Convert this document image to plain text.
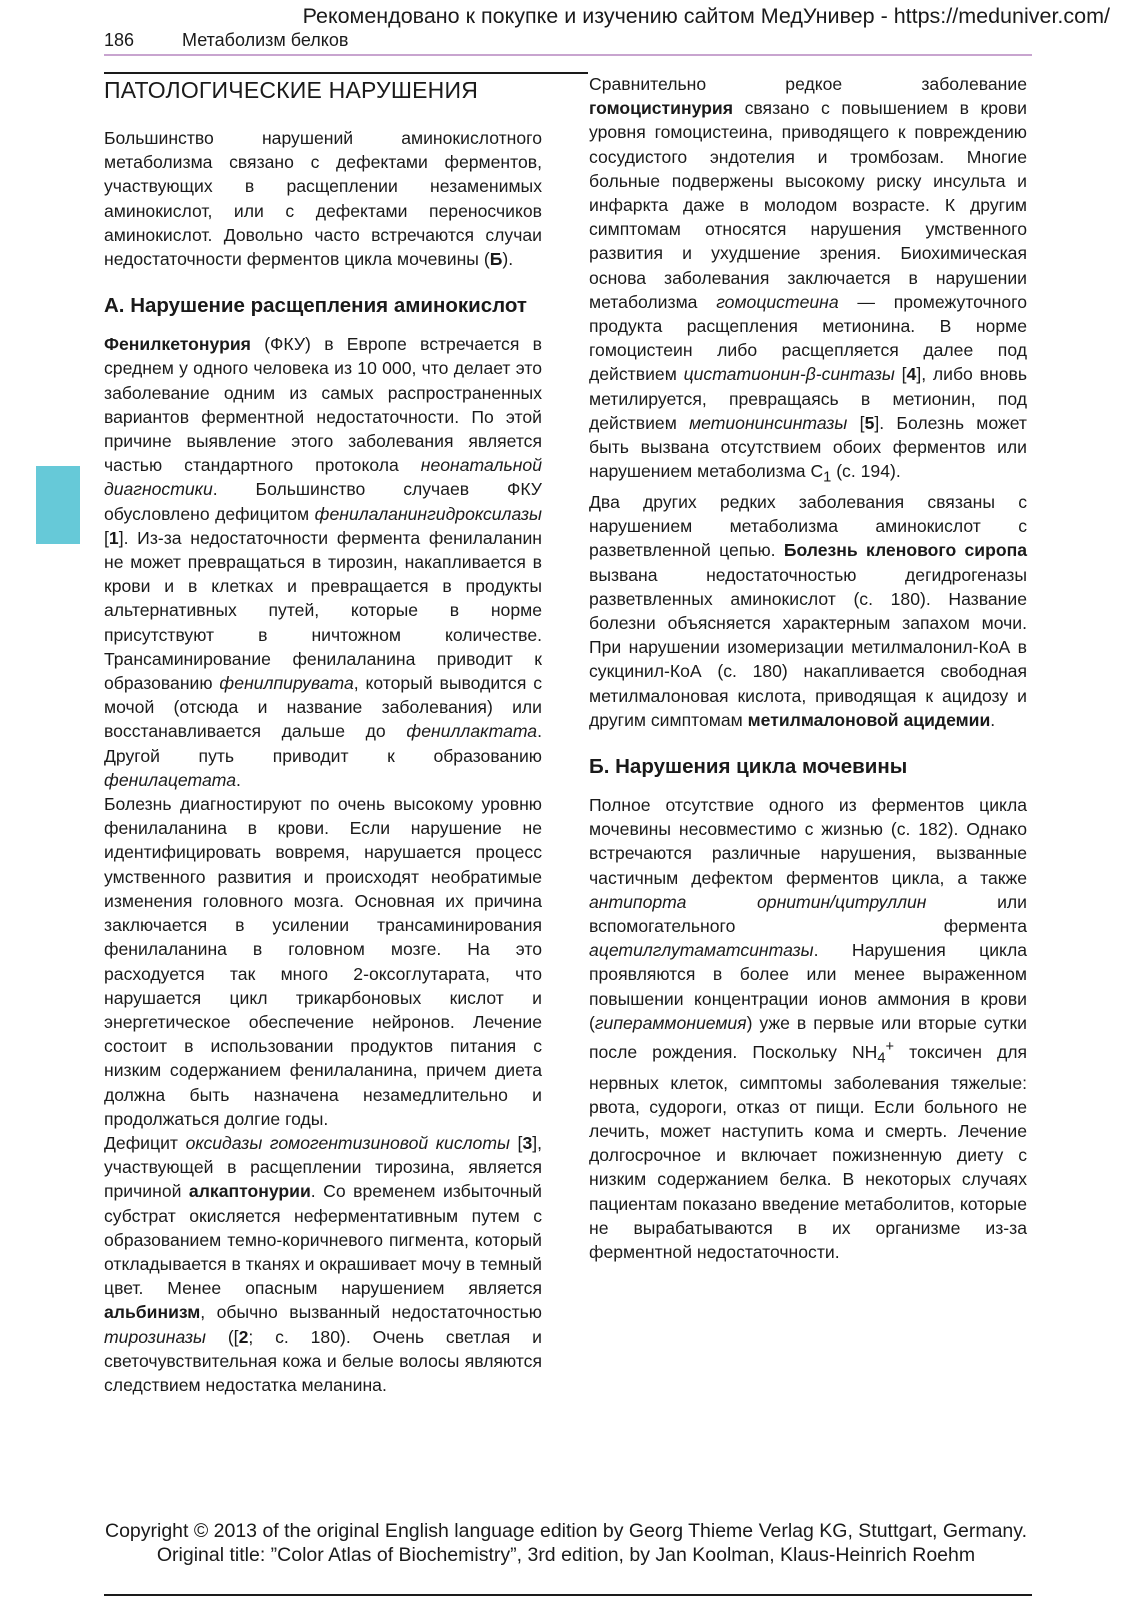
Рекомендовано к покупке и изучению сайтом МедУнивер - https://meduniver.com/
186	Метаболизм белков
ПАТОЛОГИЧЕСКИЕ НАРУШЕНИЯ

Большинство нарушений аминокислотного метаболизма связано с дефектами ферментов, участвующих в расщеплении незаменимых аминокислот, или с дефектами переносчиков аминокислот. Довольно часто встречаются случаи недостаточности ферментов цикла мочевины (Б).

А. Нарушение расщепления аминокислот

Фенилкетонурия (ФКУ) в Европе встречается в среднем у одного человека из 10 000, что делает это заболевание одним из самых распространенных вариантов ферментной недостаточности. По этой причине выявление этого заболевания является частью стандартного протокола неонатальной диагностики. Большинство случаев ФКУ обусловлено дефицитом фенилаланингидроксилазы [1]. Из-за недостаточности фермента фенилаланин не может превращаться в тирозин, накапливается в крови и в клетках и превращается в продукты альтернативных путей, которые в норме присутствуют в ничтожном количестве. Трансаминирование фенилаланина приводит к образованию фенилпирувата, который выводится с мочой (отсюда и название заболевания) или восстанавливается дальше до фениллактата. Другой путь приводит к образованию фенилацетата.

Болезнь диагностируют по очень высокому уровню фенилаланина в крови. Если нарушение не идентифицировать вовремя, нарушается процесс умственного развития и происходят необратимые изменения головного мозга. Основная их причина заключается в усилении трансаминирования фенилаланина в головном мозге. На это расходуется так много 2-оксоглутарата, что нарушается цикл трикарбоновых кислот и энергетическое обеспечение нейронов. Лечение состоит в использовании продуктов питания с низким содержанием фенилаланина, причем диета должна быть назначена незамедлительно и продолжаться долгие годы.

Дефицит оксидазы гомогентизиновой кислоты [3], участвующей в расщеплении тирозина, является причиной алкаптонурии. Со временем избыточный субстрат окисляется неферментативным путем с образованием темно-коричневого пигмента, который откладывается в тканях и окрашивает мочу в темный цвет. Менее опасным нарушением является альбинизм, обычно вызванный недостаточностью тирозиназы ([2; с. 180). Очень светлая и светочувствительная кожа и белые волосы являются следствием недостатка меланина.

Сравнительно редкое заболевание гомоцистинурия связано с повышением в крови уровня гомоцистеина, приводящего к повреждению сосудистого эндотелия и тромбозам. Многие больные подвержены высокому риску инсульта и инфаркта даже в молодом возрасте. К другим симптомам относятся нарушения умственного развития и ухудшение зрения. Биохимическая основа заболевания заключается в нарушении метаболизма гомоцистеина — промежуточного продукта расщепления метионина. В норме гомоцистеин либо расщепляется далее под действием цистатионин-β-синтазы [4], либо вновь метилируется, превращаясь в метионин, под действием метионинсинтазы [5]. Болезнь может быть вызвана отсутствием обоих ферментов или нарушением метаболизма $C_1$ (с. 194).

Два других редких заболевания связаны с нарушением метаболизма аминокислот с разветвленной цепью. Болезнь кленового сиропа вызвана недостаточностью дегидрогеназы разветвленных аминокислот (с. 180). Название болезни объясняется характерным запахом мочи. При нарушении изомеризации метилмалонил-КоА в сукцинил-КоА (с. 180) накапливается свободная метилмалоновая кислота, приводящая к ацидозу и другим симптомам метилмалоновой ацидемии.

Б. Нарушения цикла мочевины

Полное отсутствие одного из ферментов цикла мочевины несовместимо с жизнью (с. 182). Однако встречаются различные нарушения, вызванные частичным дефектом ферментов цикла, а также антипорта орнитин/цитруллин или вспомогательного фермента ацетилглутаматсинтазы. Нарушения цикла проявляются в более или менее выраженном повышении концентрации ионов аммония в крови (гипераммониемия) уже в первые или вторые сутки после рождения. Поскольку $NH_4^+$ токсичен для нервных клеток, симптомы заболевания тяжелые: рвота, судороги, отказ от пищи. Если больного не лечить, может наступить кома и смерть. Лечение долгосрочное и включает пожизненную диету с низким содержанием белка. В некоторых случаях пациентам показано введение метаболитов, которые не вырабатываются в их организме из-за ферментной недостаточности.

Copyright © 2013 of the original English language edition by Georg Thieme Verlag KG, Stuttgart, Germany.
Original title: ”Color Atlas of Biochemistry”, 3rd edition, by Jan Koolman, Klaus-Heinrich Roehm
